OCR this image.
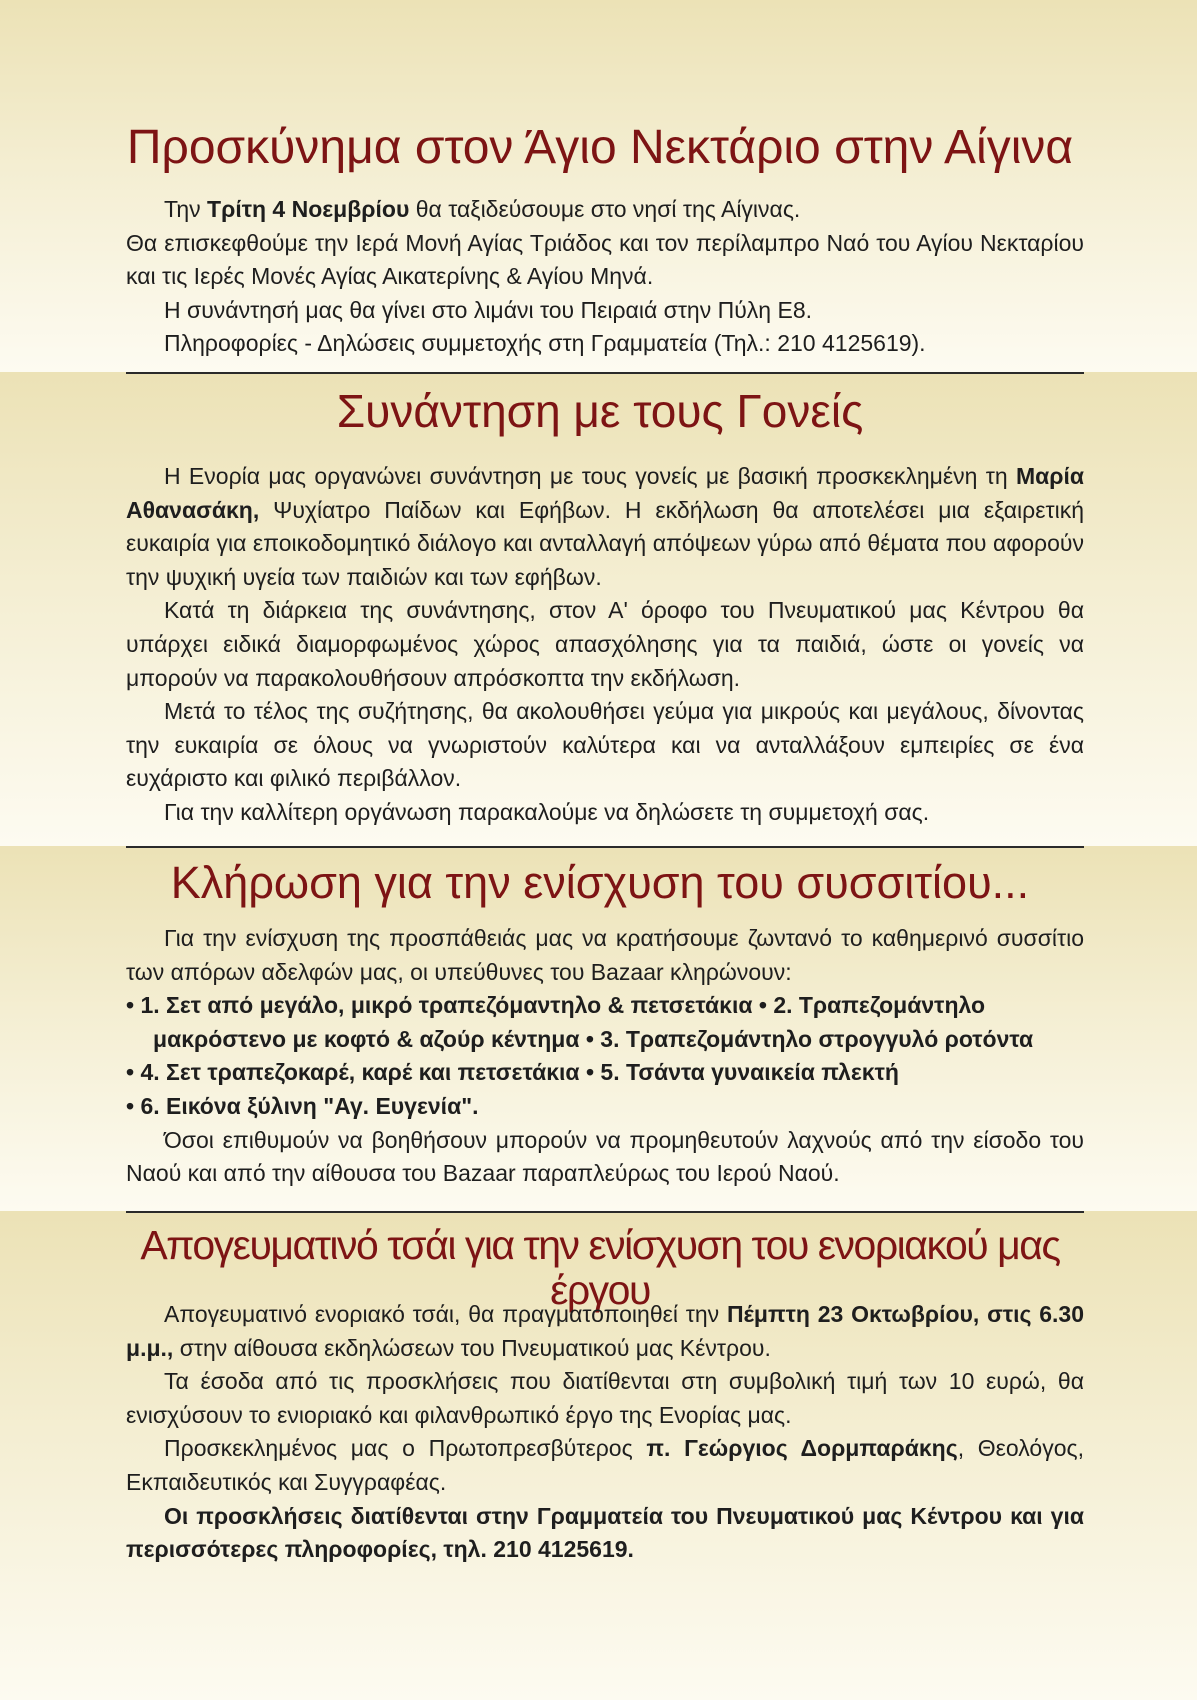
Προσκύνημα στον Άγιο Νεκτάριο στην Αίγινα

Την Τρίτη 4 Νοεμβρίου θα ταξιδεύσουμε στο νησί της Αίγινας.

Θα επισκεφθούμε την Ιερά Μονή Αγίας Τριάδος και τον περίλαμπρο Ναό του Αγίου Νεκταρίου και τις Ιερές Μονές Αγίας Αικατερίνης & Αγίου Μηνά.

Η συνάντησή μας θα γίνει στο λιμάνι του Πειραιά στην Πύλη Ε8.

Πληροφορίες - Δηλώσεις συμμετοχής στη Γραμματεία (Τηλ.: 210 4125619).

Συνάντηση με τους Γονείς

Η Ενορία μας οργανώνει συνάντηση με τους γονείς με βασική προσκεκλημένη τη Μαρία Αθανασάκη, Ψυχίατρο Παίδων και Εφήβων. Η εκδήλωση θα αποτελέσει μια εξαιρετική ευκαιρία για εποικοδομητικό διάλογο και ανταλλαγή απόψεων γύρω από θέματα που αφορούν την ψυχική υγεία των παιδιών και των εφήβων.

Κατά τη διάρκεια της συνάντησης, στον Α' όροφο του Πνευματικού μας Κέντρου θα υπάρχει ειδικά διαμορφωμένος χώρος απασχόλησης για τα παιδιά, ώστε οι γονείς να μπορούν να παρακολουθήσουν απρόσκοπτα την εκδήλωση.

Μετά το τέλος της συζήτησης, θα ακολουθήσει γεύμα για μικρούς και μεγάλους, δίνοντας την ευκαιρία σε όλους να γνωριστούν καλύτερα και να ανταλλάξουν εμπειρίες σε ένα ευχάριστο και φιλικό περιβάλλον.

Για την καλλίτερη οργάνωση παρακαλούμε να δηλώσετε τη συμμετοχή σας.

Κλήρωση για την ενίσχυση του συσσιτίου...

Για την ενίσχυση της προσπάθειάς μας να κρατήσουμε ζωντανό το καθημερινό συσσίτιο των απόρων αδελφών μας, οι υπεύθυνες του Bazaar κληρώνουν:

• 1. Σετ από μεγάλο, μικρό τραπεζόμαντηλο & πετσετάκια • 2. Τραπεζομάντηλο

μακρόστενο με κοφτό & αζούρ κέντημα • 3. Τραπεζομάντηλο στρογγυλό ροτόντα

• 4. Σετ τραπεζοκαρέ, καρέ και πετσετάκια • 5. Τσάντα γυναικεία πλεκτή

• 6. Εικόνα ξύλινη "Αγ. Ευγενία".

Όσοι επιθυμούν να βοηθήσουν μπορούν να προμηθευτούν λαχνούς από την είσοδο του Ναού και από την αίθουσα του Bazaar παραπλεύρως του Ιερού Ναού.

Απογευματινό τσάι για την ενίσχυση του ενοριακού μας έργου

Απογευματινό ενοριακό τσάι, θα πραγματοποιηθεί την Πέμπτη 23 Οκτωβρίου, στις 6.30 μ.μ., στην αίθουσα εκδηλώσεων του Πνευματικού μας Κέντρου.

Τα έσοδα από τις προσκλήσεις που διατίθενται στη συμβολική τιμή των 10 ευρώ, θα ενισχύσουν το ενιοριακό και φιλανθρωπικό έργο της Ενορίας μας.

Προσκεκλημένος μας ο Πρωτοπρεσβύτερος π. Γεώργιος Δορμπαράκης, Θεολόγος, Εκπαιδευτικός και Συγγραφέας.

Οι προσκλήσεις διατίθενται στην Γραμματεία του Πνευματικού μας Κέντρου και για περισσότερες πληροφορίες, τηλ. 210 4125619.
